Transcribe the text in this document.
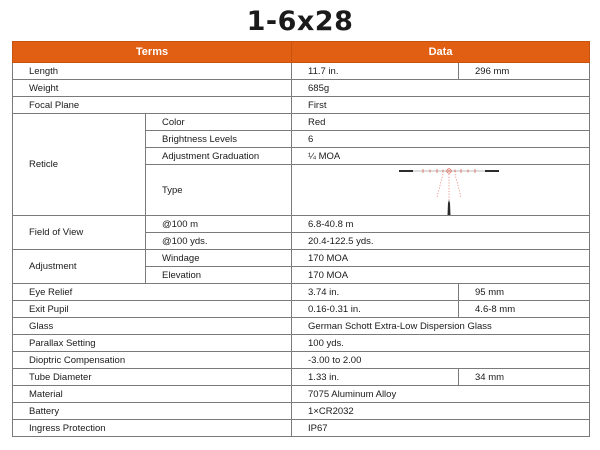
1-6x28
Terms		Data	
Length		11.7 in.	296 mm
Weight		685g	
Focal Plane		First	
Reticle	Color	Red	
	Brightness Levels	6	
	Adjustment Graduation	¼ MOA	
	Type	

Field of View	@100 m	6.8-40.8 m	
	@100 yds.	20.4-122.5 yds.	
Adjustment	Windage	170 MOA	
	Elevation	170 MOA	
Eye Relief		3.74 in.	95 mm
Exit Pupil		0.16-0.31 in.	4.6-8 mm
Glass		German Schott Extra-Low Dispersion Glass	
Parallax Setting		100 yds.	
Dioptric Compensation		-3.00 to 2.00	
Tube Diameter		1.33 in.	34 mm
Material		7075 Aluminum Alloy	
Battery		1×CR2032	
Ingress Protection		IP67	
